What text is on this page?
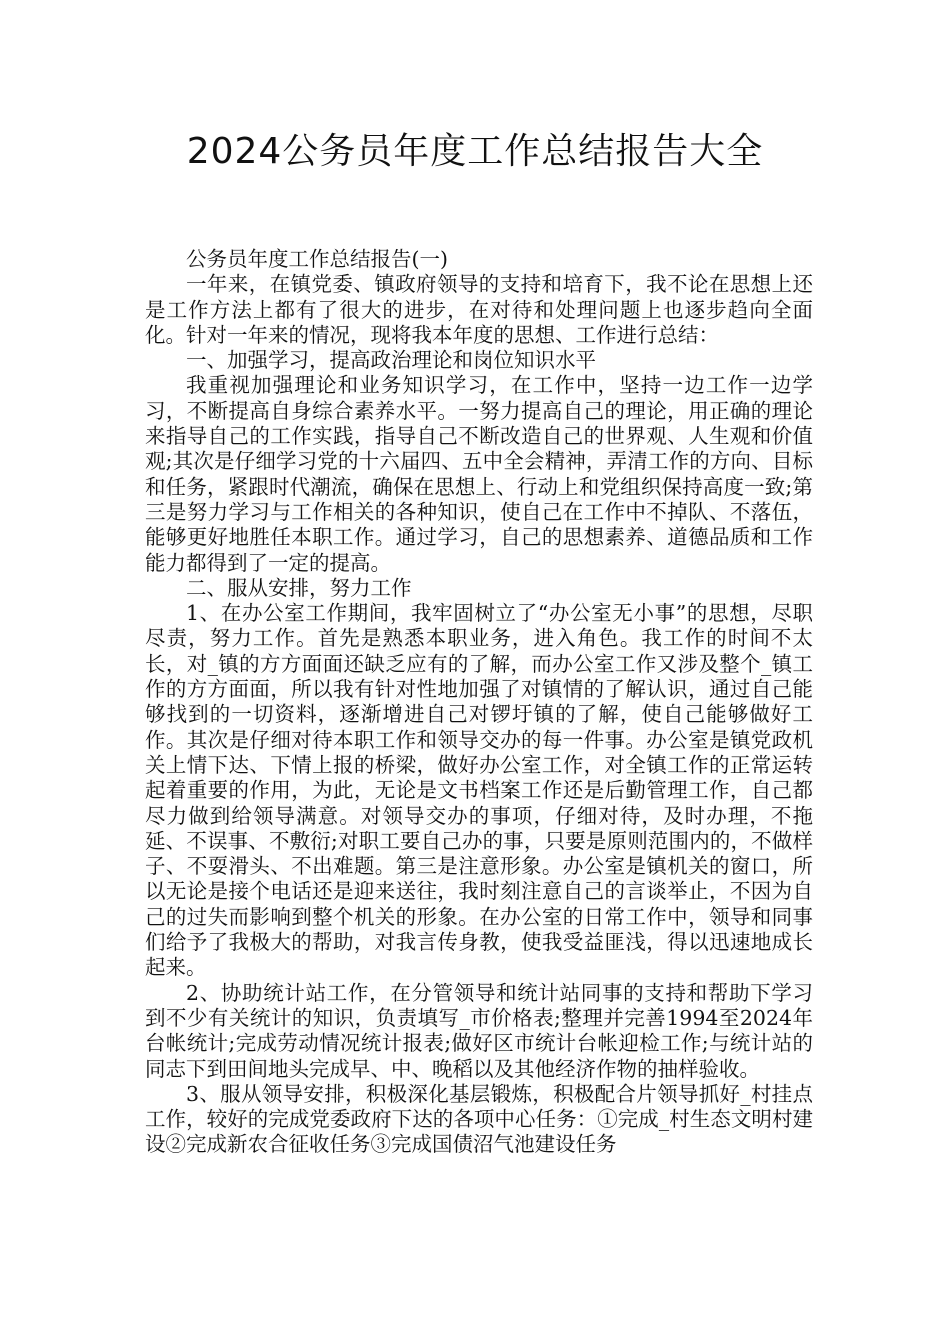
2024公务员年度工作总结报告大全

公务员年度工作总结报告(一)

一年来，在镇党委、镇政府领导的支持和培育下，我不论在思想上还是工作方法上都有了很大的进步，在对待和处理问题上也逐步趋向全面化。针对一年来的情况，现将我本年度的思想、工作进行总结：

一、加强学习，提高政治理论和岗位知识水平

我重视加强理论和业务知识学习，在工作中，坚持一边工作一边学习，不断提高自身综合素养水平。一努力提高自己的理论，用正确的理论来指导自己的工作实践，指导自己不断改造自己的世界观、人生观和价值观;其次是仔细学习党的十六届四、五中全会精神，弄清工作的方向、目标和任务，紧跟时代潮流，确保在思想上、行动上和党组织保持高度一致;第三是努力学习与工作相关的各种知识，使自己在工作中不掉队、不落伍，能够更好地胜任本职工作。通过学习，自己的思想素养、道德品质和工作能力都得到了一定的提高。

二、服从安排，努力工作

1、在办公室工作期间，我牢固树立了“办公室无小事”的思想，尽职尽责，努力工作。首先是熟悉本职业务，进入角色。我工作的时间不太长，对_镇的方方面面还缺乏应有的了解，而办公室工作又涉及整个_镇工作的方方面面，所以我有针对性地加强了对镇情的了解认识，通过自己能够找到的一切资料，逐渐增进自己对锣圩镇的了解，使自己能够做好工作。其次是仔细对待本职工作和领导交办的每一件事。办公室是镇党政机关上情下达、下情上报的桥梁，做好办公室工作，对全镇工作的正常运转起着重要的作用，为此，无论是文书档案工作还是后勤管理工作，自己都尽力做到给领导满意。对领导交办的事项，仔细对待，及时办理，不拖延、不误事、不敷衍;对职工要自己办的事，只要是原则范围内的，不做样子、不耍滑头、不出难题。第三是注意形象。办公室是镇机关的窗口，所以无论是接个电话还是迎来送往，我时刻注意自己的言谈举止，不因为自己的过失而影响到整个机关的形象。在办公室的日常工作中，领导和同事们给予了我极大的帮助，对我言传身教，使我受益匪浅，得以迅速地成长起来。

2、协助统计站工作，在分管领导和统计站同事的支持和帮助下学习到不少有关统计的知识，负责填写_市价格表;整理并完善1994至2024年台帐统计;完成劳动情况统计报表;做好区市统计台帐迎检工作;与统计站的同志下到田间地头完成早、中、晚稻以及其他经济作物的抽样验收。

3、服从领导安排，积极深化基层锻炼，积极配合片领导抓好_村挂点工作，较好的完成党委政府下达的各项中心任务：①完成_村生态文明村建设②完成新农合征收任务③完成国债沼气池建设任务
